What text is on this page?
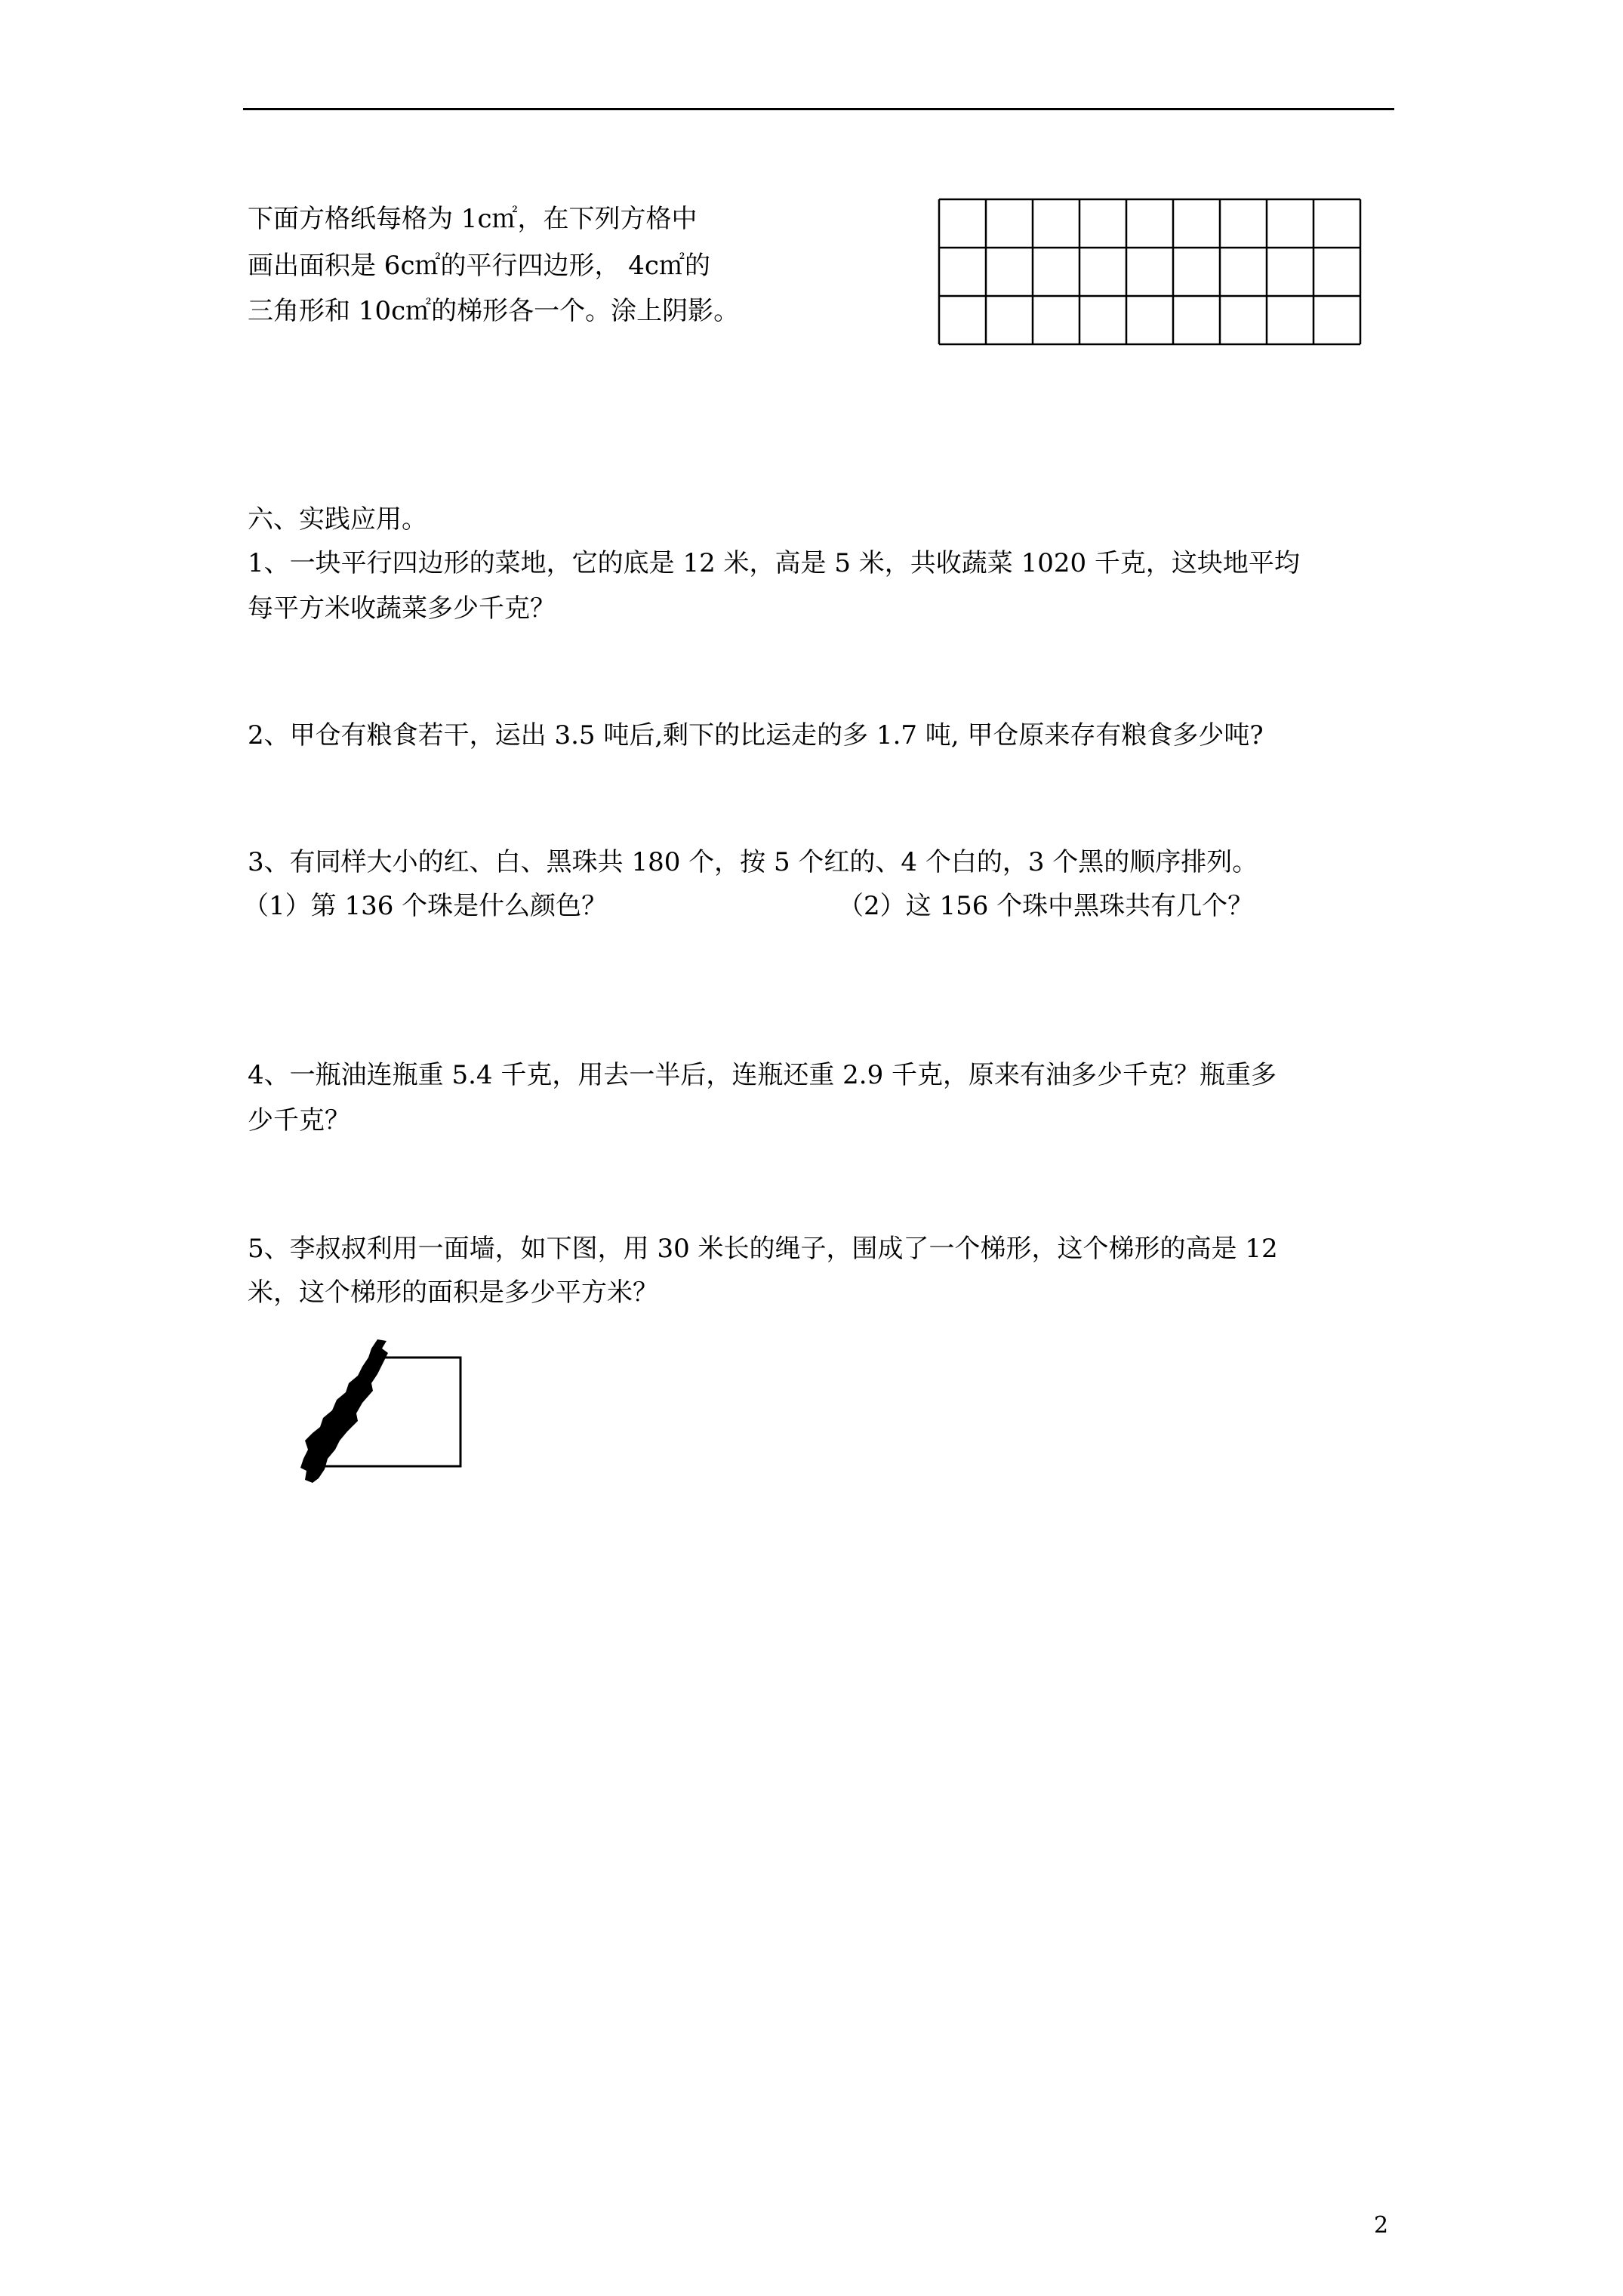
下面方格纸每格为 1c㎡，在下列方格中
画出面积是 6c㎡的平行四边形， 4c㎡的
三角形和 10c㎡的梯形各一个。涂上阴影。
六、实践应用。
1、一块平行四边形的菜地，它的底是 12 米，高是 5 米，共收蔬菜 1020 千克，这块地平均
每平方米收蔬菜多少千克？
2、甲仓有粮食若干，运出 3.5 吨后,剩下的比运走的多 1.7 吨, 甲仓原来存有粮食多少吨?
3、有同样大小的红、白、黑珠共 180 个，按 5 个红的、4 个白的，3 个黑的顺序排列。
（1）第 136 个珠是什么颜色？	（2）这 156 个珠中黑珠共有几个？
4、一瓶油连瓶重 5.4 千克，用去一半后，连瓶还重 2.9 千克，原来有油多少千克？瓶重多
少千克？
5、李叔叔利用一面墙，如下图，用 30 米长的绳子，围成了一个梯形，这个梯形的高是 12
米，这个梯形的面积是多少平方米？
2
